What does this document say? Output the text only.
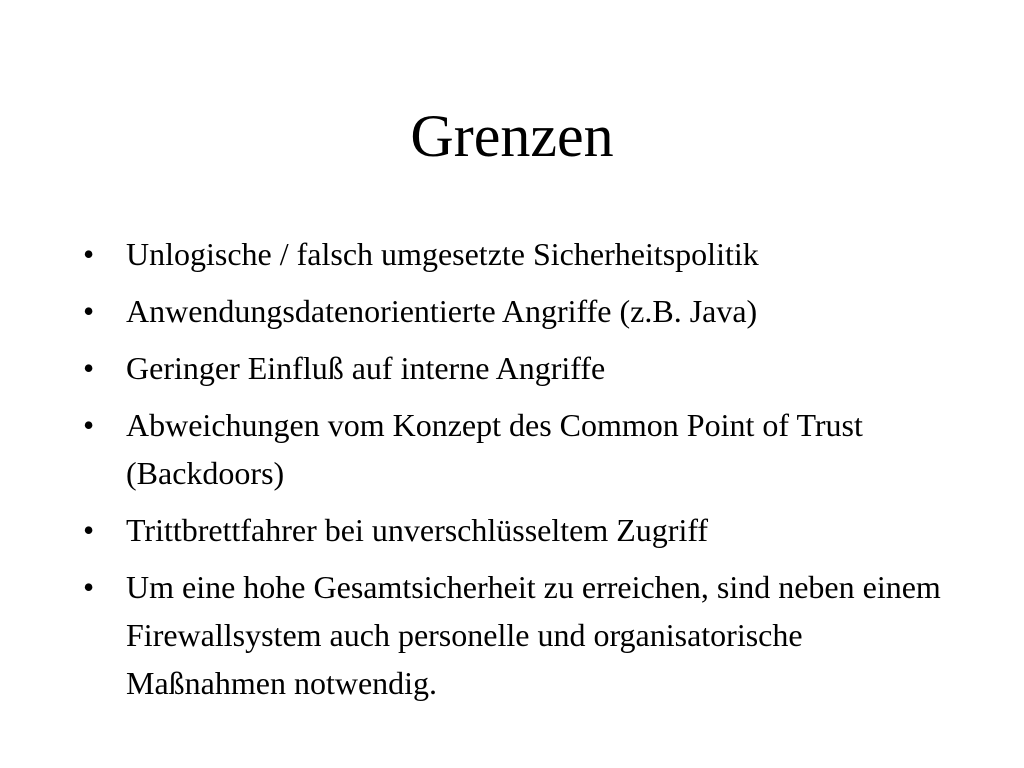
Grenzen
• Unlogische / falsch umgesetzte Sicherheitspolitik
• Anwendungsdatenorientierte Angriffe (z.B. Java)
• Geringer Einfluß auf interne Angriffe
• Abweichungen vom Konzept des Common Point of Trust (Backdoors)
• Trittbrettfahrer bei unverschlüsseltem Zugriff
• Um eine hohe Gesamtsicherheit zu erreichen, sind neben einem Firewallsystem auch personelle und organisatorische Maßnahmen notwendig.
